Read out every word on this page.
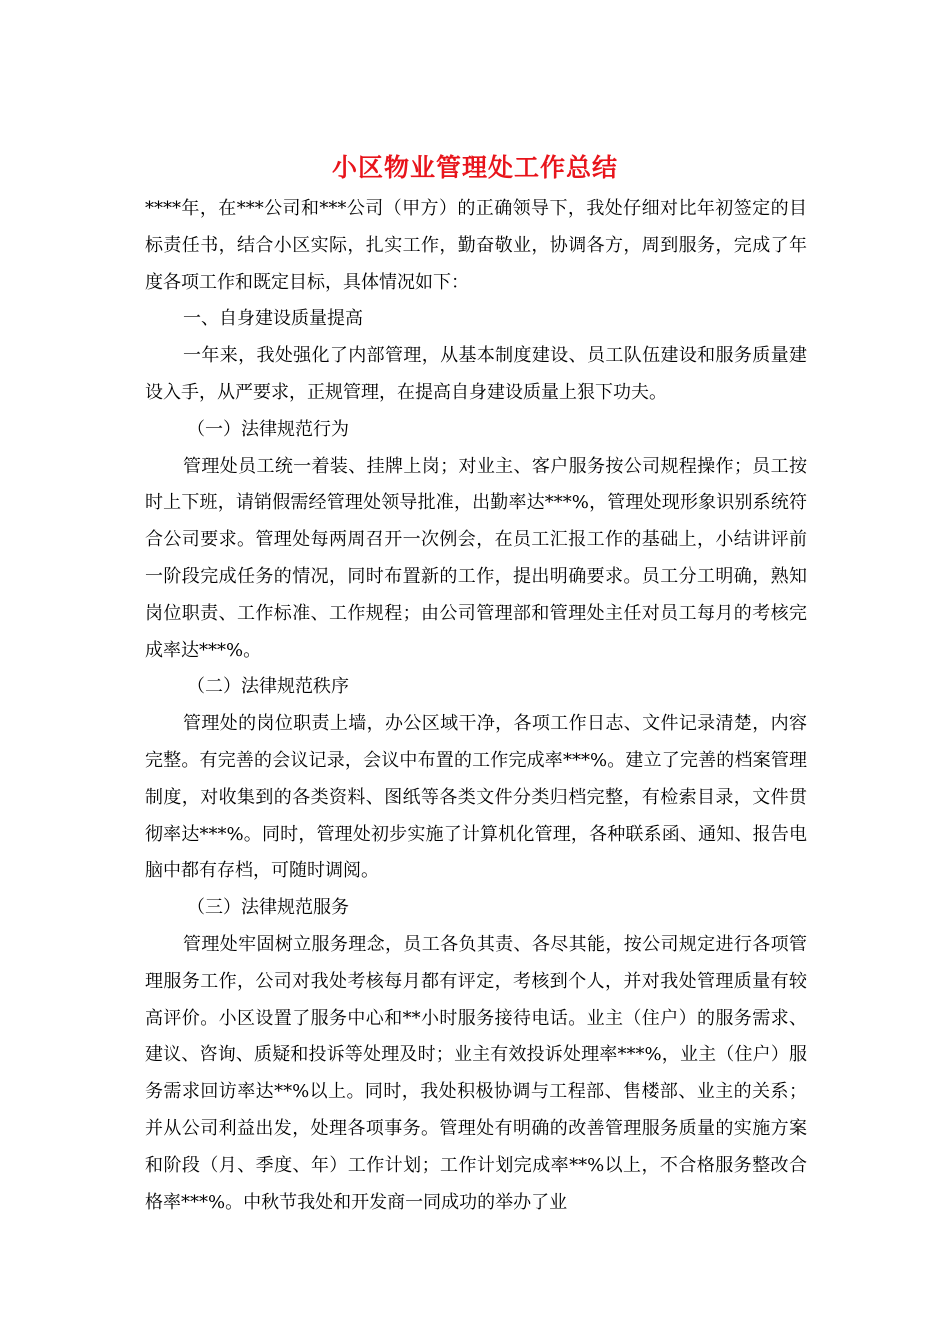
小区物业管理处工作总结

****年，在***公司和***公司（甲方）的正确领导下，我处仔细对比年初签定的目标责任书，结合小区实际，扎实工作，勤奋敬业，协调各方，周到服务，完成了年度各项工作和既定目标，具体情况如下：

一、自身建设质量提高

一年来，我处强化了内部管理，从基本制度建设、员工队伍建设和服务质量建设入手，从严要求，正规管理，在提高自身建设质量上狠下功夫。

（一）法律规范行为

管理处员工统一着装、挂牌上岗；对业主、客户服务按公司规程操作；员工按时上下班，请销假需经管理处领导批准，出勤率达***%，管理处现形象识别系统符合公司要求。管理处每两周召开一次例会，在员工汇报工作的基础上，小结讲评前一阶段完成任务的情况，同时布置新的工作，提出明确要求。员工分工明确，熟知岗位职责、工作标准、工作规程；由公司管理部和管理处主任对员工每月的考核完成率达***%。

（二）法律规范秩序

管理处的岗位职责上墙，办公区域干净，各项工作日志、文件记录清楚，内容完整。有完善的会议记录，会议中布置的工作完成率***%。建立了完善的档案管理制度，对收集到的各类资料、图纸等各类文件分类归档完整，有检索目录，文件贯彻率达***%。同时，管理处初步实施了计算机化管理，各种联系函、通知、报告电脑中都有存档，可随时调阅。

（三）法律规范服务

管理处牢固树立服务理念，员工各负其责、各尽其能，按公司规定进行各项管理服务工作，公司对我处考核每月都有评定，考核到个人，并对我处管理质量有较高评价。小区设置了服务中心和**小时服务接待电话。业主（住户）的服务需求、建议、咨询、质疑和投诉等处理及时；业主有效投诉处理率***%，业主（住户）服务需求回访率达**%以上。同时，我处积极协调与工程部、售楼部、业主的关系；并从公司利益出发，处理各项事务。管理处有明确的改善管理服务质量的实施方案和阶段（月、季度、年）工作计划；工作计划完成率**%以上，不合格服务整改合格率***%。中秋节我处和开发商一同成功的举办了业
